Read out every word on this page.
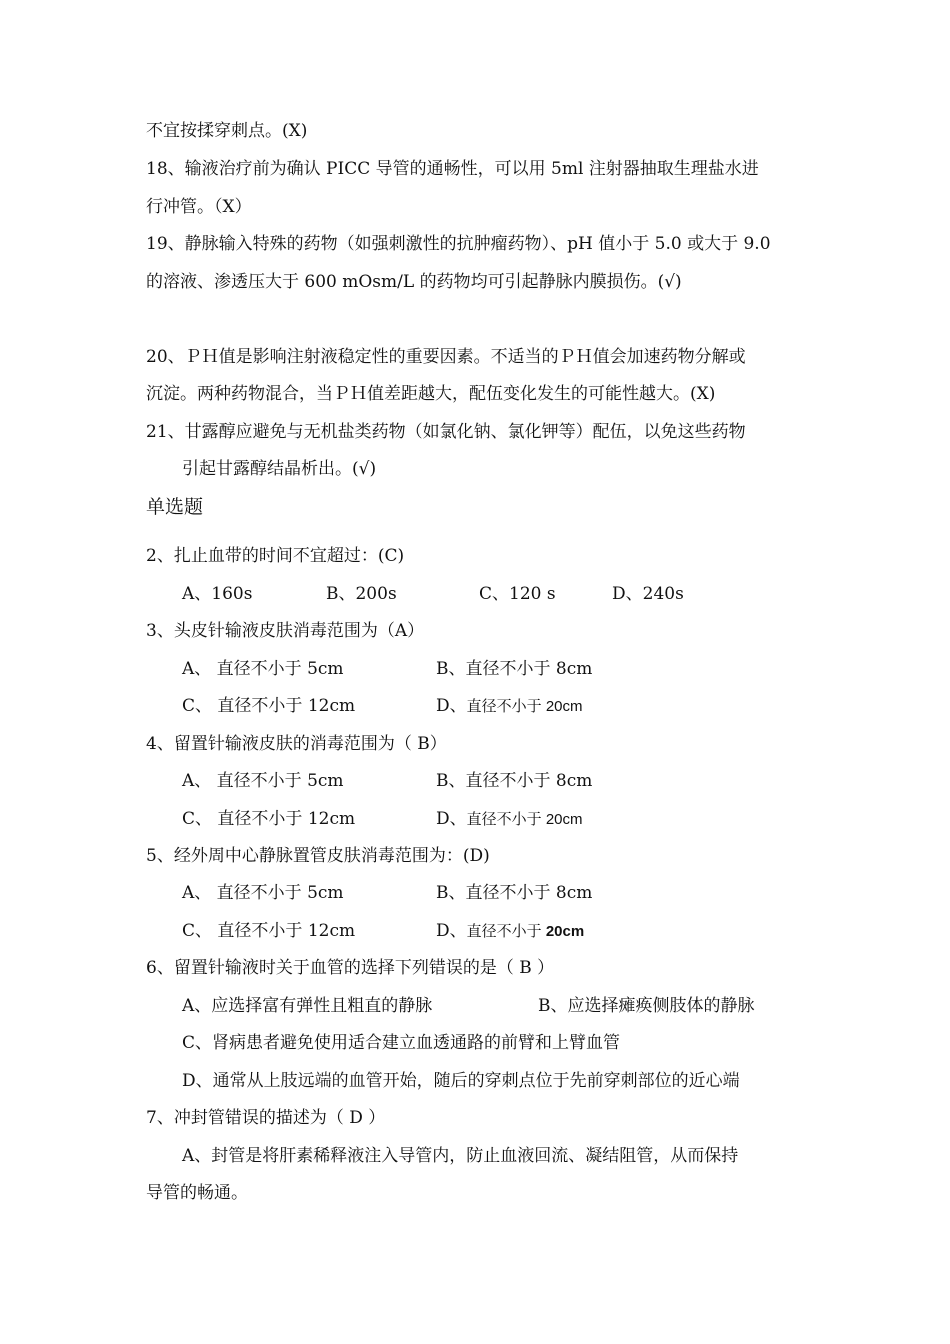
不宜按揉穿刺点。(X)
18、输液治疗前为确认 PICC 导管的通畅性，可以用 5ml 注射器抽取生理盐水进
行冲管。（X）
19、静脉输入特殊的药物（如强刺激性的抗肿瘤药物）、pH 值小于 5.0 或大于 9.0
的溶液、渗透压大于 600 mOsm/L 的药物均可引起静脉内膜损伤。(√)
20、ＰＨ值是影响注射液稳定性的重要因素。不适当的ＰＨ值会加速药物分解或
沉淀。两种药物混合，当ＰＨ值差距越大，配伍变化发生的可能性越大。(X)
21、甘露醇应避免与无机盐类药物（如氯化钠、氯化钾等）配伍，以免这些药物
引起甘露醇结晶析出。(√)
单选题
2、扎止血带的时间不宜超过：(C)
A、160s	B、200s	C、120 s	D、240s
3、头皮针输液皮肤消毒范围为（A）
A、 直径不小于 5cm	B、直径不小于 8cm
C、 直径不小于 12cm	D、直径不小于 20cm
4、留置针输液皮肤的消毒范围为（ B）
A、 直径不小于 5cm	B、直径不小于 8cm
C、 直径不小于 12cm	D、直径不小于 20cm
5、经外周中心静脉置管皮肤消毒范围为：(D)
A、 直径不小于 5cm	B、直径不小于 8cm
C、 直径不小于 12cm	D、直径不小于 20cm
6、留置针输液时关于血管的选择下列错误的是（ B ）
A、应选择富有弹性且粗直的静脉	B、应选择瘫痪侧肢体的静脉
C、肾病患者避免使用适合建立血透通路的前臂和上臂血管
D、通常从上肢远端的血管开始，随后的穿刺点位于先前穿刺部位的近心端
7、冲封管错误的描述为（ D ）
A、封管是将肝素稀释液注入导管内，防止血液回流、凝结阻管，从而保持
导管的畅通。
